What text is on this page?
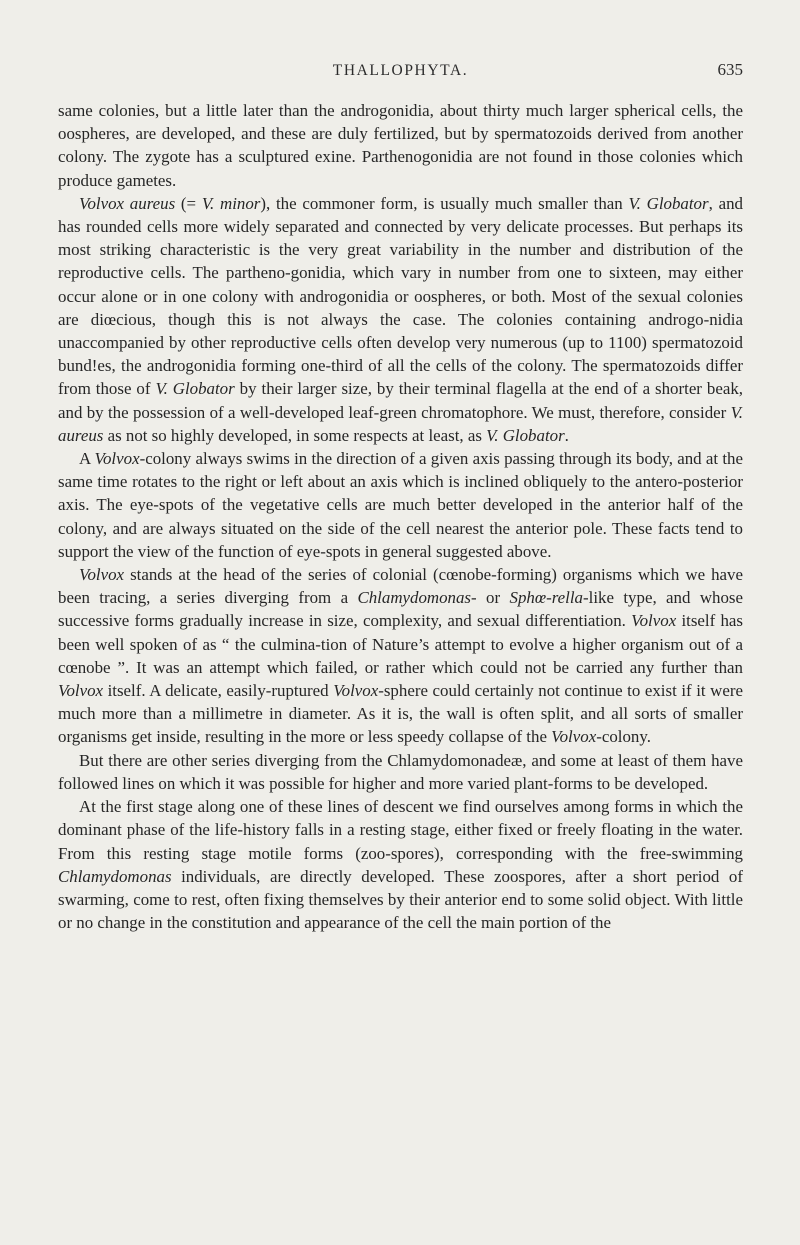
THALLOPHYTA.	635

same colonies, but a little later than the androgonidia, about thirty much larger spherical cells, the oospheres, are developed, and these are duly fertilized, but by spermatozoids derived from another colony. The zygote has a sculptured exine. Parthenogonidia are not found in those colonies which produce gametes.

Volvox aureus (= V. minor), the commoner form, is usually much smaller than V. Globator, and has rounded cells more widely separated and connected by very delicate processes. But perhaps its most striking characteristic is the very great variability in the number and distribution of the reproductive cells. The partheno-gonidia, which vary in number from one to sixteen, may either occur alone or in one colony with androgonidia or oospheres, or both. Most of the sexual colonies are diœcious, though this is not always the case. The colonies containing androgo-nidia unaccompanied by other reproductive cells often develop very numerous (up to 1100) spermatozoid bund!es, the androgonidia forming one-third of all the cells of the colony. The spermatozoids differ from those of V. Globator by their larger size, by their terminal flagella at the end of a shorter beak, and by the possession of a well-developed leaf-green chromatophore. We must, therefore, consider V. aureus as not so highly developed, in some respects at least, as V. Globator.

A Volvox-colony always swims in the direction of a given axis passing through its body, and at the same time rotates to the right or left about an axis which is inclined obliquely to the antero-posterior axis. The eye-spots of the vegetative cells are much better developed in the anterior half of the colony, and are always situated on the side of the cell nearest the anterior pole. These facts tend to support the view of the function of eye-spots in general suggested above.

Volvox stands at the head of the series of colonial (cœnobe-forming) organisms which we have been tracing, a series diverging from a Chlamydomonas- or Sphœ-rella-like type, and whose successive forms gradually increase in size, complexity, and sexual differentiation. Volvox itself has been well spoken of as “ the culmina-tion of Nature’s attempt to evolve a higher organism out of a cœnobe ”. It was an attempt which failed, or rather which could not be carried any further than Volvox itself. A delicate, easily-ruptured Volvox-sphere could certainly not continue to exist if it were much more than a millimetre in diameter. As it is, the wall is often split, and all sorts of smaller organisms get inside, resulting in the more or less speedy collapse of the Volvox-colony.

But there are other series diverging from the Chlamydomonadeæ, and some at least of them have followed lines on which it was possible for higher and more varied plant-forms to be developed.

At the first stage along one of these lines of descent we find ourselves among forms in which the dominant phase of the life-history falls in a resting stage, either fixed or freely floating in the water. From this resting stage motile forms (zoo-spores), corresponding with the free-swimming Chlamydomonas individuals, are directly developed. These zoospores, after a short period of swarming, come to rest, often fixing themselves by their anterior end to some solid object. With little or no change in the constitution and appearance of the cell the main portion of the
